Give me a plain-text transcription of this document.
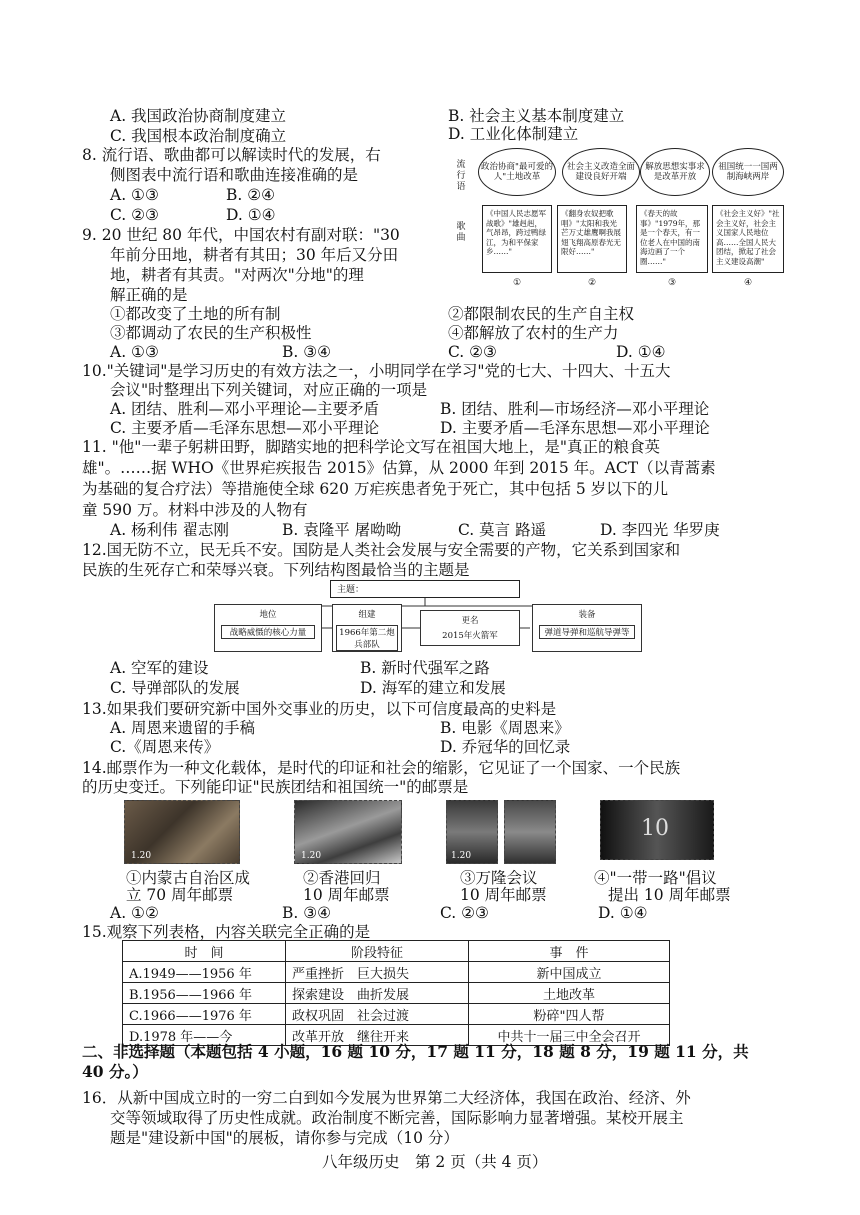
A. 我国政治协商制度建立	B. 社会主义基本制度建立
C. 我国根本政治制度确立	D. 工业化体制建立
8. 流行语、歌曲都可以解读时代的发展，右
侧图表中流行语和歌曲连接准确的是
A. ①③	B. ②④
C. ②③	D. ①④
流行语
歌曲
政治协商"最可爱的人"土地改革
社会主义改造全面建设良好开端
解放思想实事求是改革开放
祖国统一一国两制海峡两岸
《中国人民志愿军战歌》"雄赳赳，气昂昂，跨过鸭绿江，为和平保家乡……"
《翻身农奴把歌唱》"太阳和我光芒万丈雄鹰啊我展翅飞翔高原春光无限好……"
《春天的故事》"1979年，那是一个春天，有一位老人在中国的南海边画了一个圈……"
《社会主义好》"社会主义好，社会主义国家人民地位高……全国人民大团结，掀起了社会主义建设高潮"
①	②	③	④
9. 20 世纪 80 年代，中国农村有副对联："30
年前分田地，耕者有其田；30 年后又分田
地，耕者有其责。"对两次"分地"的理
解正确的是
①都改变了土地的所有制	②都限制农民的生产自主权
③都调动了农民的生产积极性	④都解放了农村的生产力
A. ①③	B. ③④	C. ②③	D. ①④
10."关键词"是学习历史的有效方法之一，小明同学在学习"党的七大、十四大、十五大
会议"时整理出下列关键词，对应正确的一项是
A. 团结、胜利—邓小平理论—主要矛盾	B. 团结、胜利—市场经济—邓小平理论
C. 主要矛盾—毛泽东思想—邓小平理论	D. 主要矛盾—毛泽东思想—邓小平理论
11. "他"一辈子躬耕田野，脚踏实地的把科学论文写在祖国大地上，是"真正的粮食英
雄"。……据 WHO《世界疟疾报告 2015》估算，从 2000 年到 2015 年。ACT（以青蒿素
为基础的复合疗法）等措施使全球 620 万疟疾患者免于死亡，其中包括 5 岁以下的儿
童 590 万。材料中涉及的人物有
A. 杨利伟 翟志刚	B. 袁隆平 屠呦呦	C. 莫言 路遥	D. 李四光 华罗庚
12.国无防不立，民无兵不安。国防是人类社会发展与安全需要的产物，它关系到国家和
民族的生死存亡和荣辱兴衰。下列结构图最恰当的主题是
主题：
地位
战略威慑的核心力量
组建
1966年第二炮兵部队
更名
2015年火箭军
装备
弹道导弹和巡航导弹等
A. 空军的建设	B. 新时代强军之路
C. 导弹部队的发展	D. 海军的建立和发展
13.如果我们要研究新中国外交事业的历史，以下可信度最高的史料是
A. 周恩来遗留的手稿	B. 电影《周恩来》
C.《周恩来传》	D. 乔冠华的回忆录
14.邮票作为一种文化载体，是时代的印证和社会的缩影，它见证了一个国家、一个民族
的历史变迁。下列能印证"民族团结和祖国统一"的邮票是
1.20	1.20	1.20
10
①内蒙古自治区成
立 70 周年邮票
②香港回归
10 周年邮票
③万隆会议
10 周年邮票
④"一带一路"倡议
提出 10 周年邮票
A. ①②	B. ③④	C. ②③	D. ①④
15.观察下列表格，内容关联完全正确的是
时　间	阶段特征	事　件
A.1949——1956 年	严重挫折　巨大损失	新中国成立
B.1956——1966 年	探索建设　曲折发展	土地改革
C.1966——1976 年	政权巩固　社会过渡	粉碎"四人帮
D.1978 年——今	改革开放　继往开来	中共十一届三中全会召开
二、非选择题（本题包括 4 小题，16 题 10 分，17 题 11 分，18 题 8 分，19 题 11 分，共
40 分。）
16．从新中国成立时的一穷二白到如今发展为世界第二大经济体，我国在政治、经济、外
交等领域取得了历史性成就。政治制度不断完善，国际影响力显著增强。某校开展主
题是"建设新中国"的展板，请你参与完成（10 分）
八年级历史　第 2 页（共 4 页）
